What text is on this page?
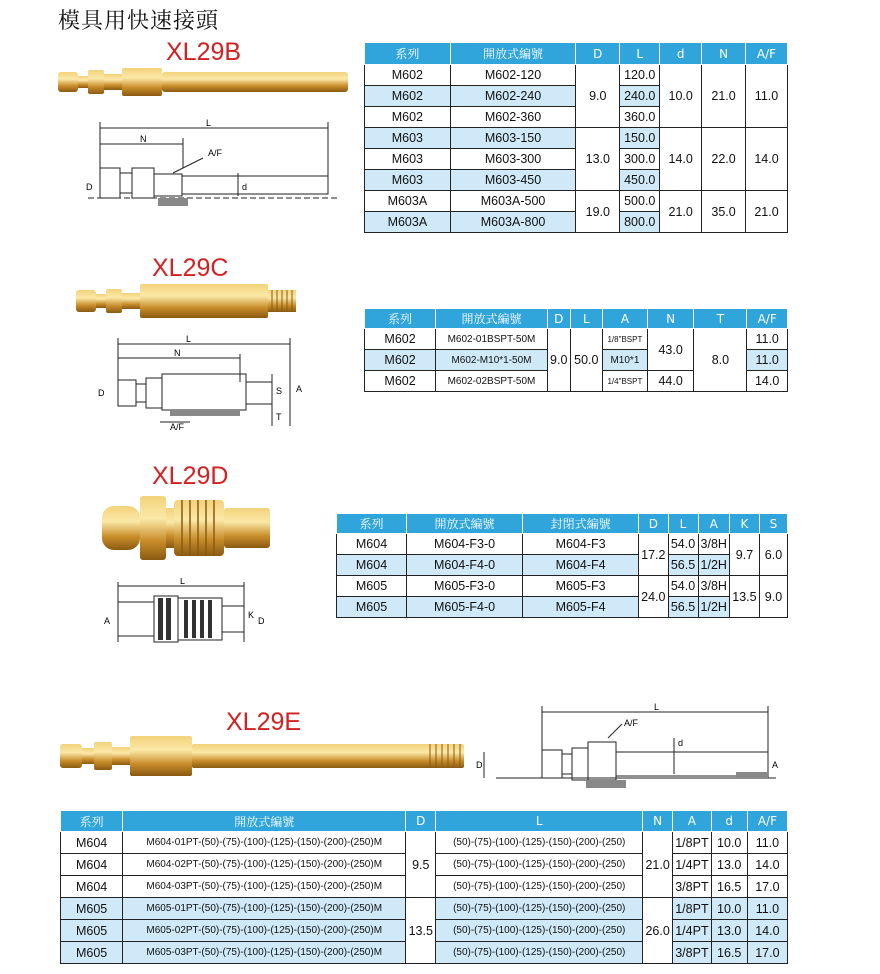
模具用快速接頭
XL29B
L
N
A/F
D	d
系列	開放式編號	D	L	d	N	A/F
M602	M602-120	9.0	120.0	10.0	21.0	11.0
M602	M602-240		240.0			
M602	M602-360		360.0			
M603	M603-150	13.0	150.0	14.0	22.0	14.0
M603	M603-300		300.0			
M603	M603-450		450.0			
M603A	M603A-500	19.0	500.0	21.0	35.0	21.0
M603A	M603A-800		800.0			
XL29C
L
N
D	S A
A/F
T
系列	開放式編號	D	L	A	N	T	A/F
M602	M602-01BSPT-50M	9.0	50.0	1/8"BSPT	43.0	8.0	11.0
M602	M602-M10*1-50M			M10*1			11.0
M602	M602-02BSPT-50M			1/4"BSPT	44.0		14.0
XL29D
L
A
K
D
系列	開放式編號	封閉式編號	D	L	A	K	S
M604	M604-F3-0	M604-F3	17.2	54.0	3/8H	9.7	6.0
M604	M604-F4-0	M604-F4		56.5	1/2H		
M605	M605-F3-0	M605-F3	24.0	54.0	3/8H	13.5	9.0
M605	M605-F4-0	M605-F4		56.5	1/2H		
XL29E
L
A/F
d
D	A
系列	開放式編號	D	L	N	A	d	A/F
M604	M604-01PT-(50)-(75)-(100)-(125)-(150)-(200)-(250)M	9.5	(50)-(75)-(100)-(125)-(150)-(200)-(250)	21.0	1/8PT	10.0	11.0
M604	M604-02PT-(50)-(75)-(100)-(125)-(150)-(200)-(250)M		(50)-(75)-(100)-(125)-(150)-(200)-(250)		1/4PT	13.0	14.0
M604	M604-03PT-(50)-(75)-(100)-(125)-(150)-(200)-(250)M		(50)-(75)-(100)-(125)-(150)-(200)-(250)		3/8PT	16.5	17.0
M605	M605-01PT-(50)-(75)-(100)-(125)-(150)-(200)-(250)M	13.5	(50)-(75)-(100)-(125)-(150)-(200)-(250)	26.0	1/8PT	10.0	11.0
M605	M605-02PT-(50)-(75)-(100)-(125)-(150)-(200)-(250)M		(50)-(75)-(100)-(125)-(150)-(200)-(250)		1/4PT	13.0	14.0
M605	M605-03PT-(50)-(75)-(100)-(125)-(150)-(200)-(250)M		(50)-(75)-(100)-(125)-(150)-(200)-(250)		3/8PT	16.5	17.0
